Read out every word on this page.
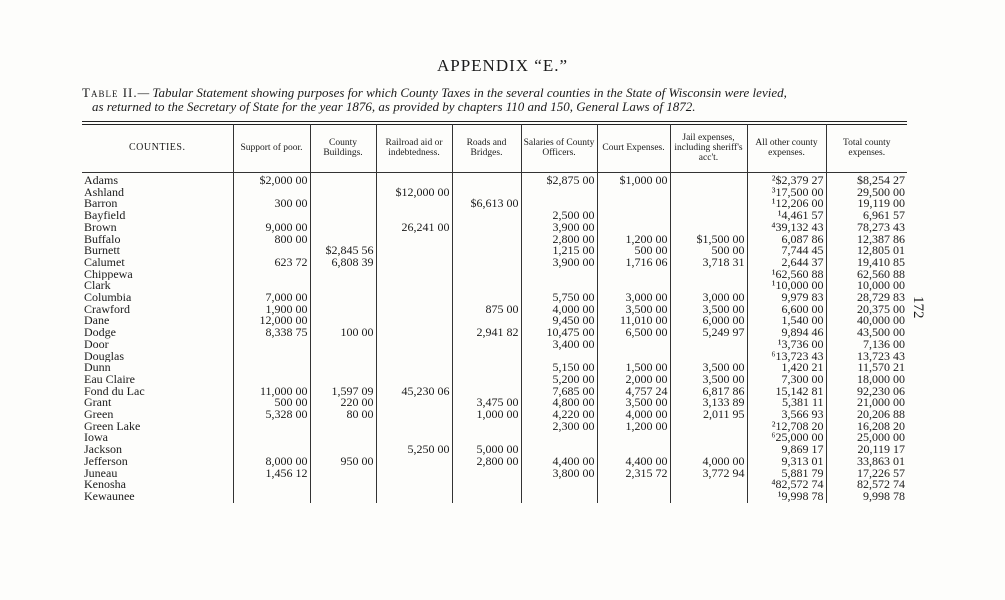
APPENDIX “E.”
Table II.— Tabular Statement showing purposes for which County Taxes in the several counties in the State of Wisconsin were levied,
as returned to the Secretary of State for the year 1876, as provided by chapters 110 and 150, General Laws of 1872.
172
COUNTIES.	Support of poor.	County Buildings.	Railroad aid or indebtedness.	Roads and Bridges.	Salaries of County Officers.	Court Expenses.	Jail expenses, including sheriff's acc't.	All other county expenses.	Total county expenses.
Adams	$2,000 00				$2,875 00	$1,000 00		²$2,379 27	$8,254 27
Ashland			$12,000 00					³17,500 00	29,500 00
Barron	300 00			$6,613 00				¹12,206 00	19,119 00
Bayfield					2,500 00			¹4,461 57	6,961 57
Brown	9,000 00		26,241 00		3,900 00			⁴39,132 43	78,273 43
Buffalo	800 00				2,800 00	1,200 00	$1,500 00	6,087 86	12,387 86
Burnett		$2,845 56			1,215 00	500 00	500 00	7,744 45	12,805 01
Calumet	623 72	6,808 39			3,900 00	1,716 06	3,718 31	2,644 37	19,410 85
Chippewa								¹62,560 88	62,560 88
Clark								¹10,000 00	10,000 00
Columbia	7,000 00				5,750 00	3,000 00	3,000 00	9,979 83	28,729 83
Crawford	1,900 00			875 00	4,000 00	3,500 00	3,500 00	6,600 00	20,375 00
Dane	12,000 00				9,450 00	11,010 00	6,000 00	1,540 00	40,000 00
Dodge	8,338 75	100 00		2,941 82	10,475 00	6,500 00	5,249 97	9,894 46	43,500 00
Door					3,400 00			¹3,736 00	7,136 00
Douglas								⁶13,723 43	13,723 43
Dunn					5,150 00	1,500 00	3,500 00	1,420 21	11,570 21
Eau Claire					5,200 00	2,000 00	3,500 00	7,300 00	18,000 00
Fond du Lac	11,000 00	1,597 09	45,230 06		7,685 00	4,757 24	6,817 86	15,142 81	92,230 06
Grant	500 00	220 00		3,475 00	4,800 00	3,500 00	3,133 89	5,381 11	21,000 00
Green	5,328 00	80 00		1,000 00	4,220 00	4,000 00	2,011 95	3,566 93	20,206 88
Green Lake					2,300 00	1,200 00		²12,708 20	16,208 20
Iowa								⁶25,000 00	25,000 00
Jackson			5,250 00	5,000 00				9,869 17	20,119 17
Jefferson	8,000 00	950 00		2,800 00	4,400 00	4,400 00	4,000 00	9,313 01	33,863 01
Juneau	1,456 12				3,800 00	2,315 72	3,772 94	5,881 79	17,226 57
Kenosha								⁴82,572 74	82,572 74
Kewaunee								¹9,998 78	9,998 78
